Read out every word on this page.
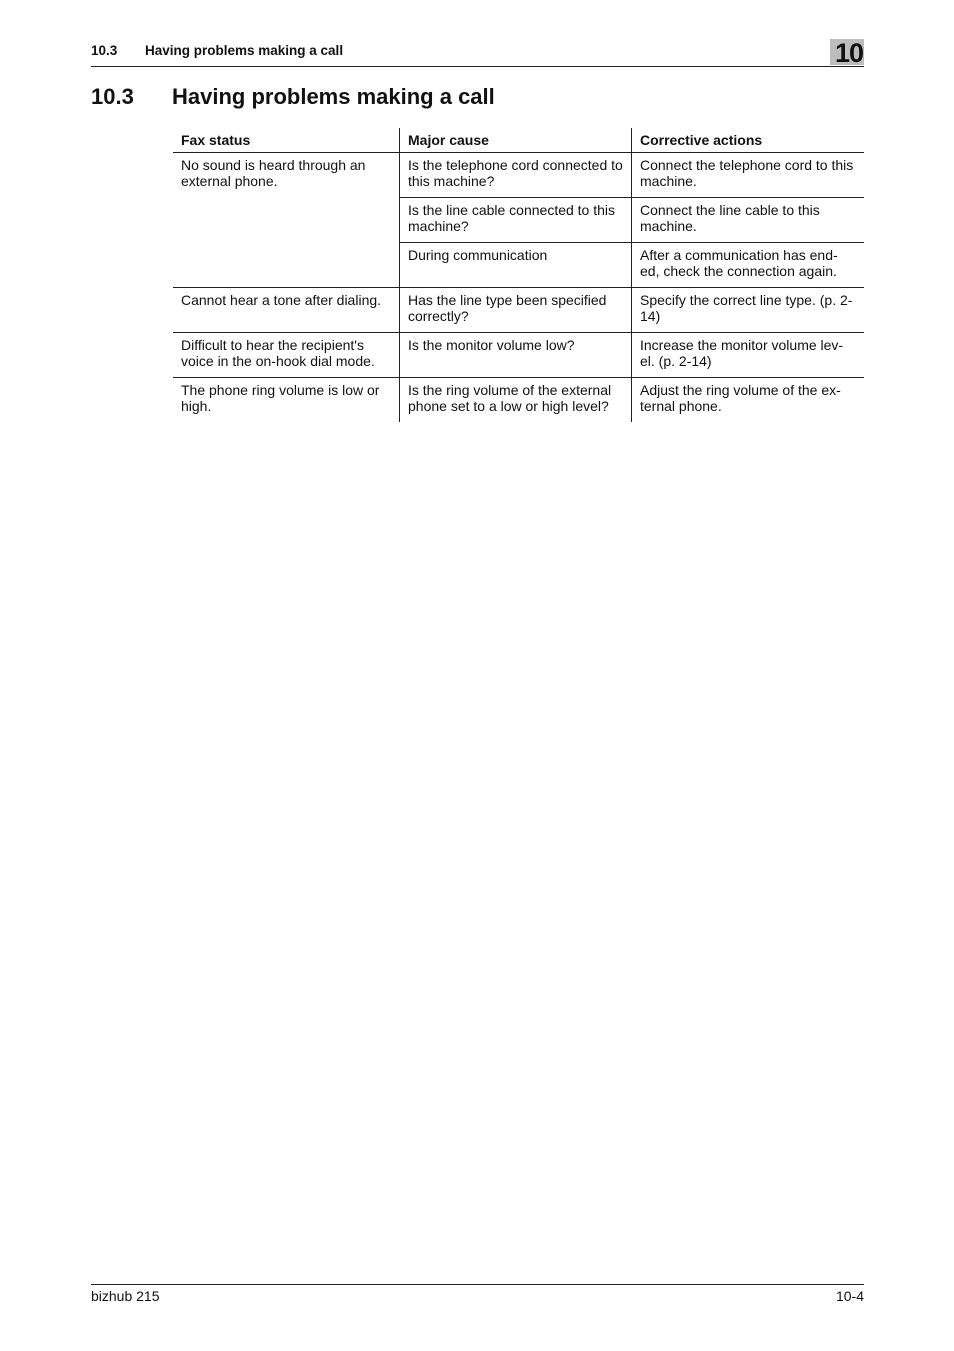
10.3 Having problems making a call	10
10.3 Having problems making a call
Fax status	Major cause	Corrective actions
No sound is heard through an external phone.	Is the telephone cord connected to this machine?	Connect the telephone cord to this machine.
	Is the line cable connected to this machine?	Connect the line cable to this machine.
	During communication	After a communication has end-ed, check the connection again.
Cannot hear a tone after dialing.	Has the line type been specified correctly?	Specify the correct line type. (p. 2-14)
Difficult to hear the recipient's voice in the on-hook dial mode.	Is the monitor volume low?	Increase the monitor volume lev-el. (p. 2-14)
The phone ring volume is low or high.	Is the ring volume of the external phone set to a low or high level?	Adjust the ring volume of the ex-ternal phone.
bizhub 215	10-4
